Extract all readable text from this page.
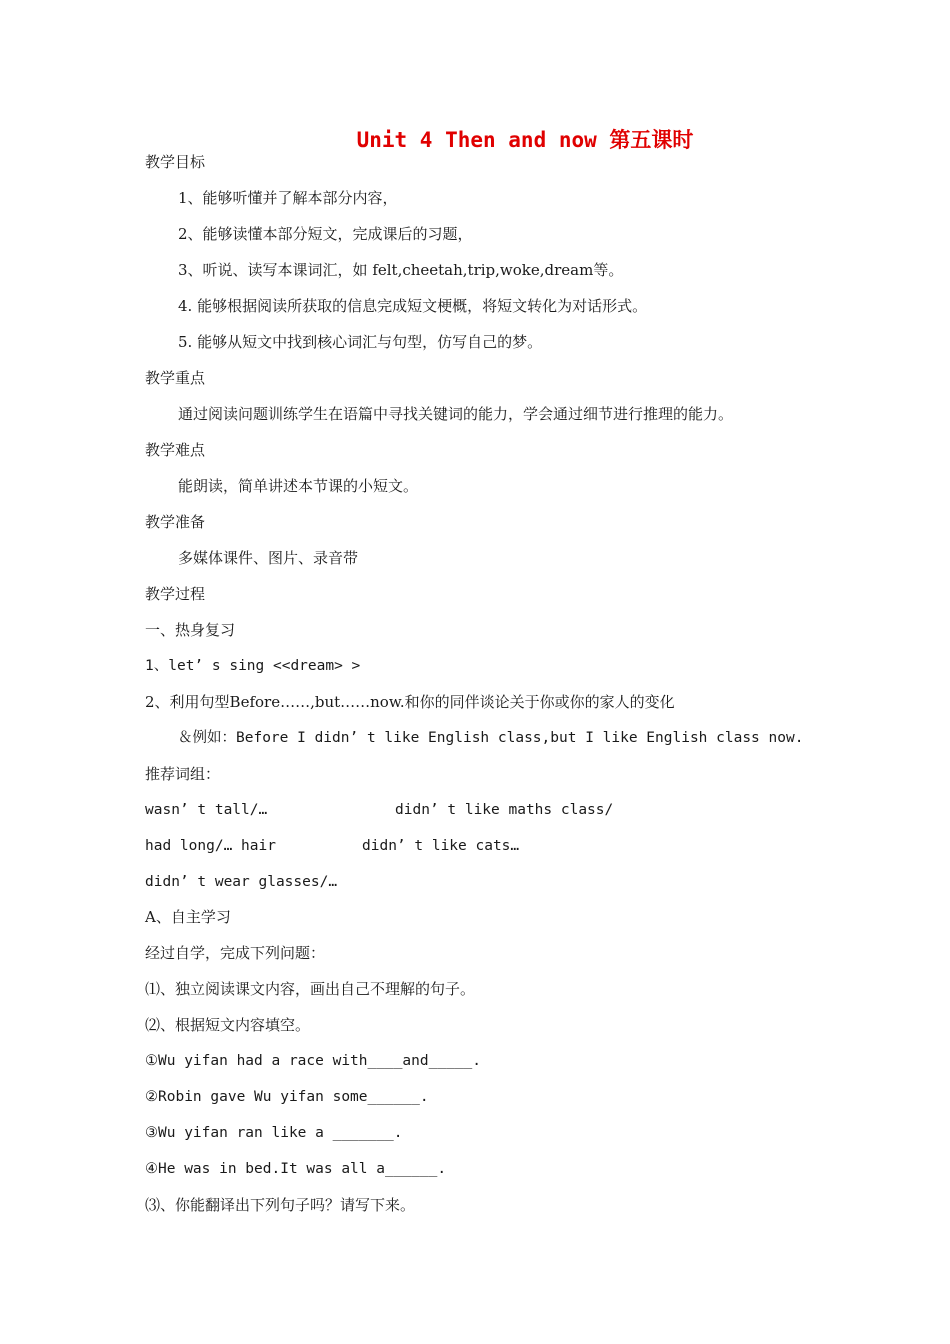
Unit 4 Then and now 第五课时
教学目标
1、能够听懂并了解本部分内容，
2、能够读懂本部分短文，完成课后的习题，
3、听说、读写本课词汇，如 felt,cheetah,trip,woke,dream等。
4. 能够根据阅读所获取的信息完成短文梗概，将短文转化为对话形式。
5. 能够从短文中找到核心词汇与句型，仿写自己的梦。
教学重点
通过阅读问题训练学生在语篇中寻找关键词的能力，学会通过细节进行推理的能力。
教学难点
能朗读，简单讲述本节课的小短文。
教学准备
多媒体课件、图片、录音带
教学过程
一、热身复习
1、let’ s sing <<dream> >
2、利用句型Before……,but……now.和你的同伴谈论关于你或你的家人的变化
＆例如：Before I didn’ t like English class,but I like English class now.
推荐词组：
wasn’ t tall/…	didn’ t like maths class/
had long/… hair	didn’ t like cats…
didn’ t wear glasses/…
A、自主学习
经过自学，完成下列问题：
⑴、独立阅读课文内容，画出自己不理解的句子。
⑵、根据短文内容填空。
①Wu yifan had a race with____and_____.
②Robin gave Wu yifan some______.
③Wu yifan ran like a _______.
④He was in bed.It was all a______.
⑶、你能翻译出下列句子吗？请写下来。
